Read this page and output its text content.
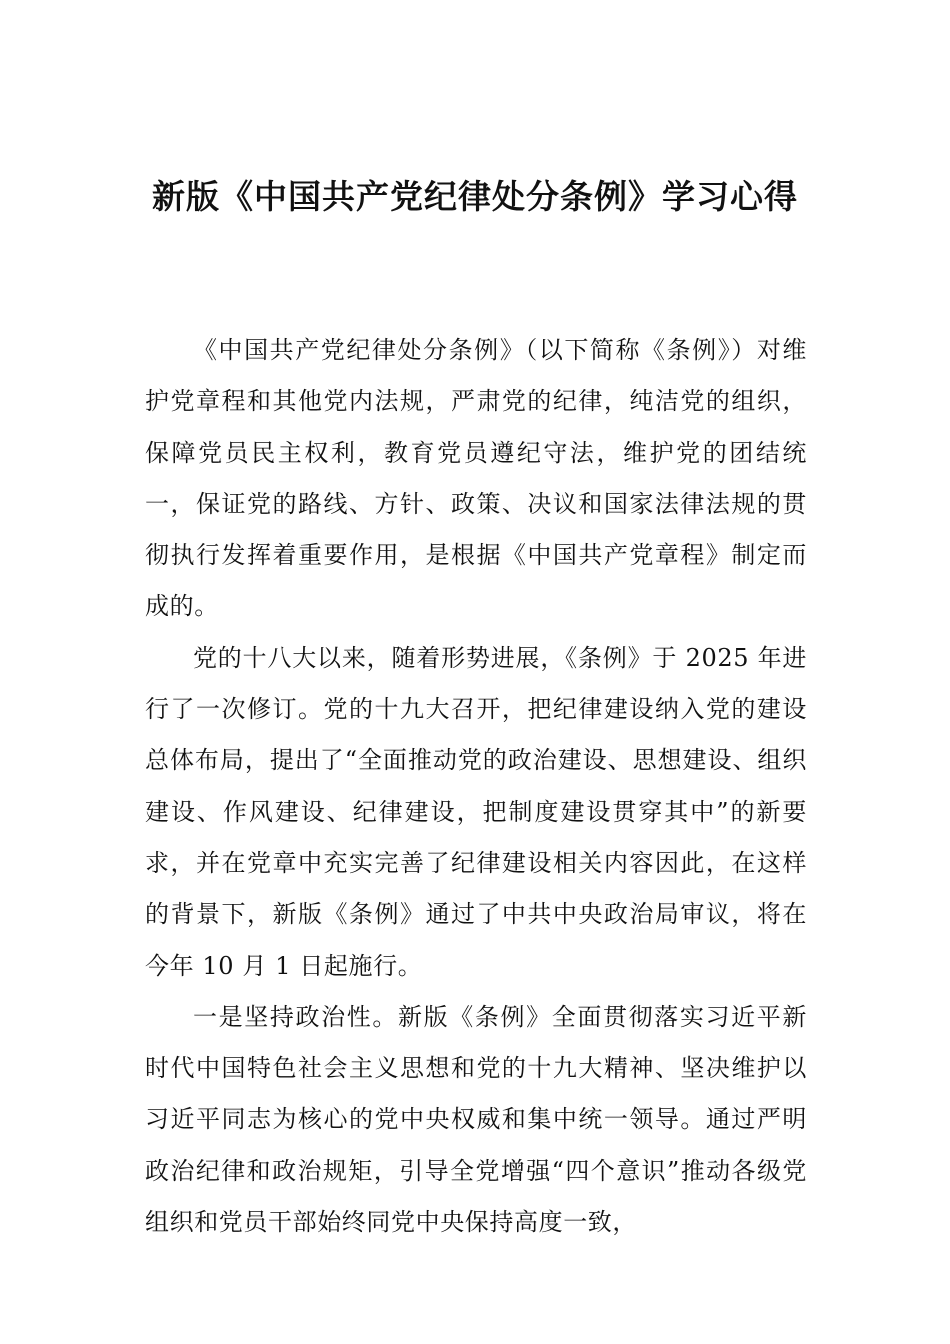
新版《中国共产党纪律处分条例》学习心得

《中国共产党纪律处分条例》（以下简称《条例》）对维护党章程和其他党内法规，严肃党的纪律，纯洁党的组织，保障党员民主权利，教育党员遵纪守法，维护党的团结统一，保证党的路线、方针、政策、决议和国家法律法规的贯彻执行发挥着重要作用，是根据《中国共产党章程》制定而成的。

党的十八大以来，随着形势进展，《条例》于 2025 年进行了一次修订。党的十九大召开，把纪律建设纳入党的建设总体布局，提出了“全面推动党的政治建设、思想建设、组织建设、作风建设、纪律建设，把制度建设贯穿其中”的新要求，并在党章中充实完善了纪律建设相关内容因此，在这样的背景下，新版《条例》通过了中共中央政治局审议，将在今年 10 月 1 日起施行。

一是坚持政治性。新版《条例》全面贯彻落实习近平新时代中国特色社会主义思想和党的十九大精神、坚决维护以习近平同志为核心的党中央权威和集中统一领导。通过严明政治纪律和政治规矩，引导全党增强“四个意识”推动各级党组织和党员干部始终同党中央保持高度一致，
